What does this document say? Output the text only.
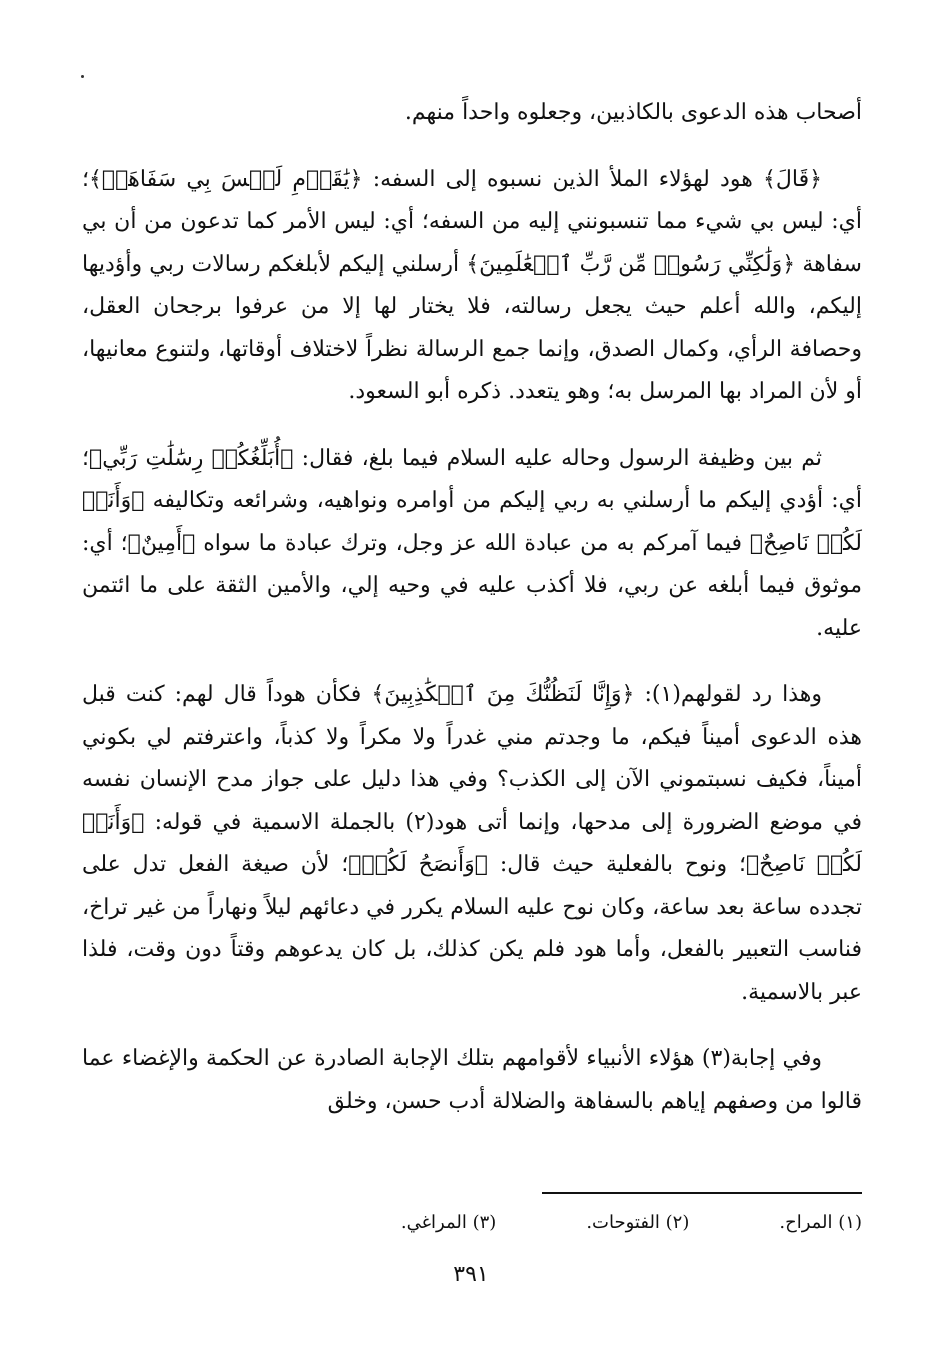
أصحاب هذه الدعوى بالكاذبين، وجعلوه واحداً منهم.

﴿قَالَ﴾ هود لهؤلاء الملأ الذين نسبوه إلى السفه: ﴿يَٰقَوۡمِ لَيۡسَ بِي سَفَاهَةٞ﴾؛ أي: ليس بي شيء مما تنسبونني إليه من السفه؛ أي: ليس الأمر كما تدعون من أن بي سفاهة ﴿وَلَٰكِنِّي رَسُولٞ مِّن رَّبِّ ٱلۡعَٰلَمِينَ﴾ أرسلني إليكم لأبلغكم رسالات ربي وأؤديها إليكم، والله أعلم حيث يجعل رسالته، فلا يختار لها إلا من عرفوا برجحان العقل، وحصافة الرأي، وكمال الصدق، وإنما جمع الرسالة نظراً لاختلاف أوقاتها، ولتنوع معانيها، أو لأن المراد بها المرسل به؛ وهو يتعدد. ذكره أبو السعود.

ثم بين وظيفة الرسول وحاله عليه السلام فيما بلغ، فقال: ﴿أُبَلِّغُكُمۡ رِسَٰلَٰتِ رَبِّي﴾؛ أي: أؤدي إليكم ما أرسلني به ربي إليكم من أوامره ونواهيه، وشرائعه وتكاليفه ﴿وَأَنَا۠ لَكُمۡ نَاصِحٌ﴾ فيما آمركم به من عبادة الله عز وجل، وترك عبادة ما سواه ﴿أَمِينٌ﴾؛ أي: موثوق فيما أبلغه عن ربي، فلا أكذب عليه في وحيه إلي، والأمين الثقة على ما ائتمن عليه.

وهذا رد لقولهم(١): ﴿وَإِنَّا لَنَظُنُّكَ مِنَ ٱلۡكَٰذِبِينَ﴾ فكأن هوداً قال لهم: كنت قبل هذه الدعوى أميناً فيكم، ما وجدتم مني غدراً ولا مكراً ولا كذباً، واعترفتم لي بكوني أميناً، فكيف نسبتموني الآن إلى الكذب؟ وفي هذا دليل على جواز مدح الإنسان نفسه في موضع الضرورة إلى مدحها، وإنما أتى هود(٢) بالجملة الاسمية في قوله: ﴿وَأَنَا۠ لَكُمۡ نَاصِحٌ﴾؛ ونوح بالفعلية حيث قال: ﴿وَأَنصَحُ لَكُمۡ﴾؛ لأن صيغة الفعل تدل على تجدده ساعة بعد ساعة، وكان نوح عليه السلام يكرر في دعائهم ليلاً ونهاراً من غير تراخ، فناسب التعبير بالفعل، وأما هود فلم يكن كذلك، بل كان يدعوهم وقتاً دون وقت، فلذا عبر بالاسمية.

وفي إجابة(٣) هؤلاء الأنبياء لأقوامهم بتلك الإجابة الصادرة عن الحكمة والإغضاء عما قالوا من وصفهم إياهم بالسفاهة والضلالة أدب حسن، وخلق

(١) المراح.
(٢) الفتوحات.
(٣) المراغي.
٣٩١
